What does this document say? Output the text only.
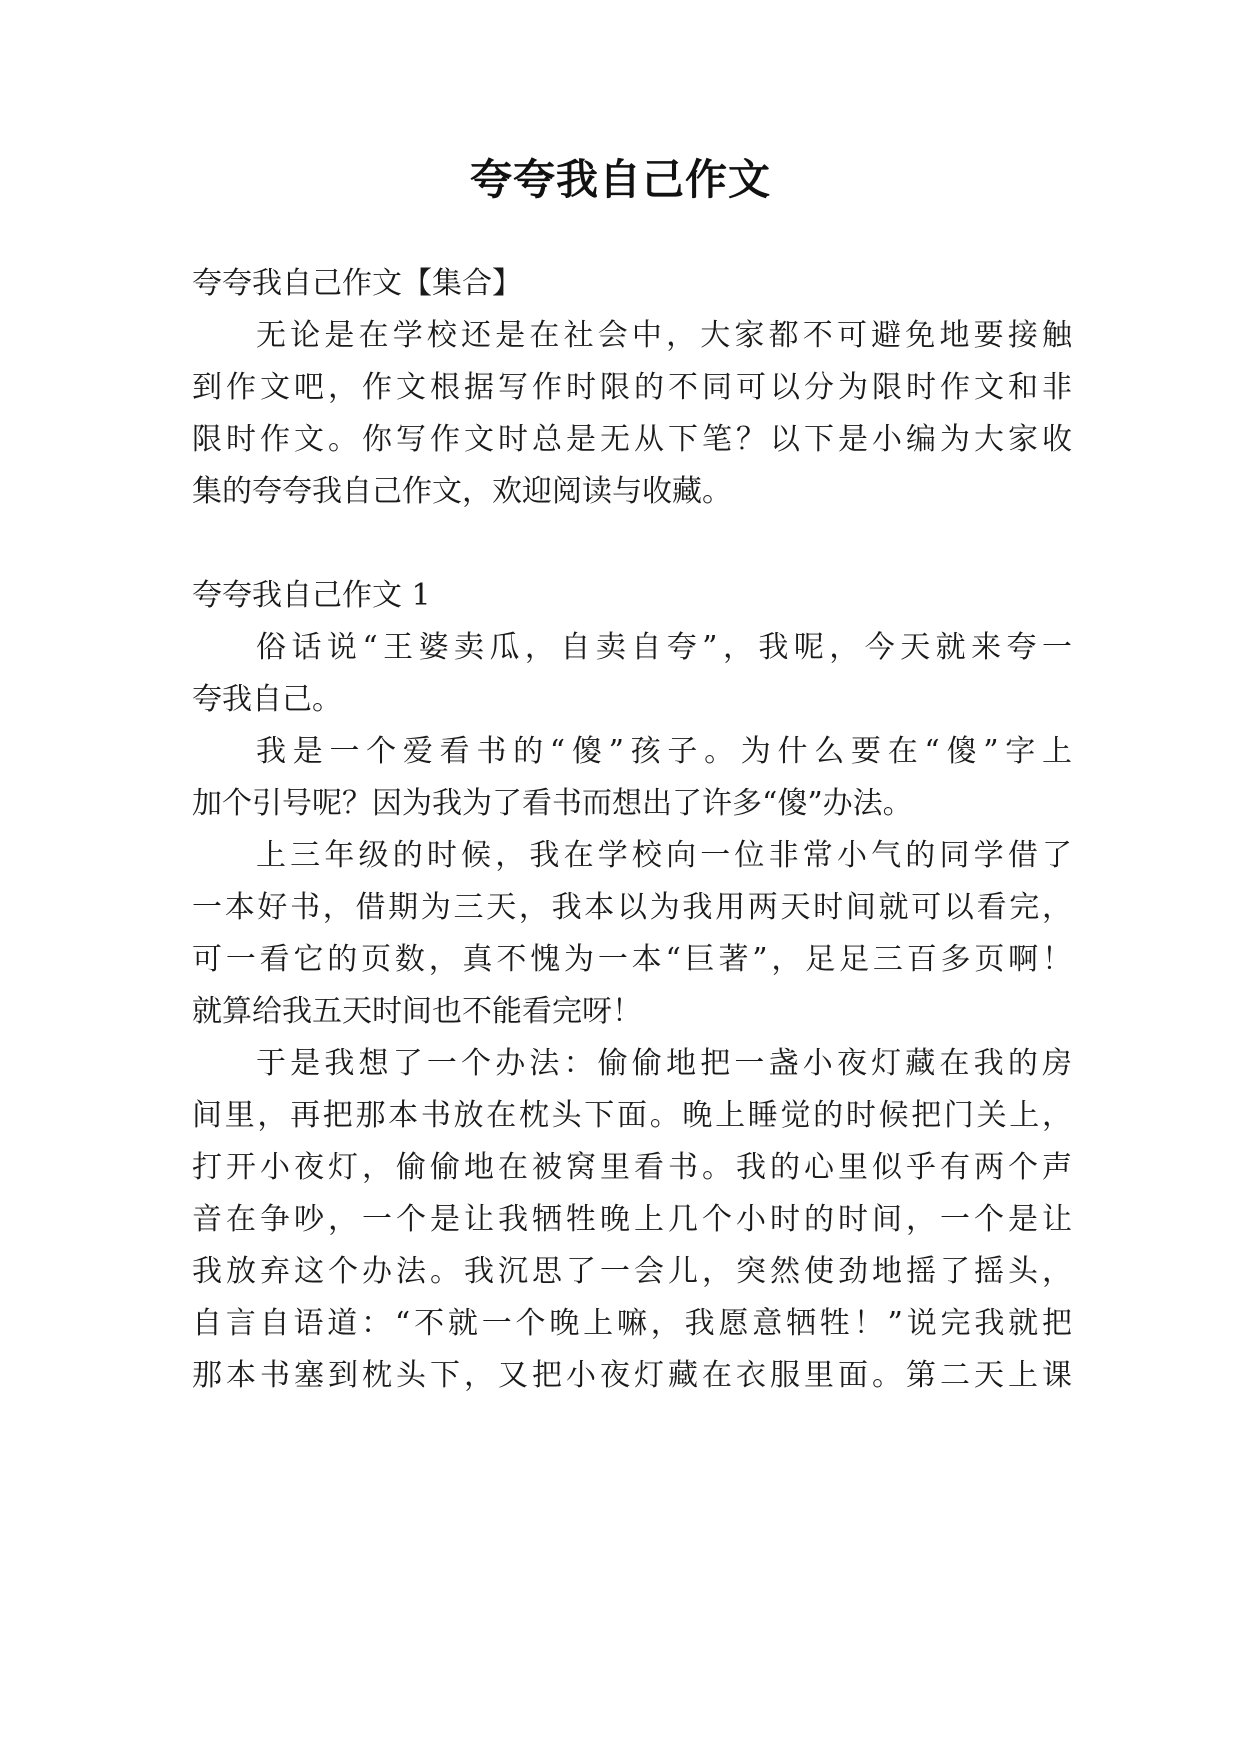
夸夸我自己作文
夸夸我自己作文【集合】
无论是在学校还是在社会中，大家都不可避免地要接触
到作文吧，作文根据写作时限的不同可以分为限时作文和非
限时作文。你写作文时总是无从下笔？以下是小编为大家收
集的夸夸我自己作文，欢迎阅读与收藏。
夸夸我自己作文 1
俗话说“王婆卖瓜，自卖自夸”，我呢，今天就来夸一
夸我自己。
我是一个爱看书的“傻”孩子。为什么要在“傻”字上
加个引号呢？因为我为了看书而想出了许多“傻”办法。
上三年级的时候，我在学校向一位非常小气的同学借了
一本好书，借期为三天，我本以为我用两天时间就可以看完，
可一看它的页数，真不愧为一本“巨著”，足足三百多页啊！
就算给我五天时间也不能看完呀！
于是我想了一个办法：偷偷地把一盏小夜灯藏在我的房
间里，再把那本书放在枕头下面。晚上睡觉的时候把门关上，
打开小夜灯，偷偷地在被窝里看书。我的心里似乎有两个声
音在争吵，一个是让我牺牲晚上几个小时的时间，一个是让
我放弃这个办法。我沉思了一会儿，突然使劲地摇了摇头，
自言自语道：“不就一个晚上嘛，我愿意牺牲！”说完我就把
那本书塞到枕头下，又把小夜灯藏在衣服里面。第二天上课
